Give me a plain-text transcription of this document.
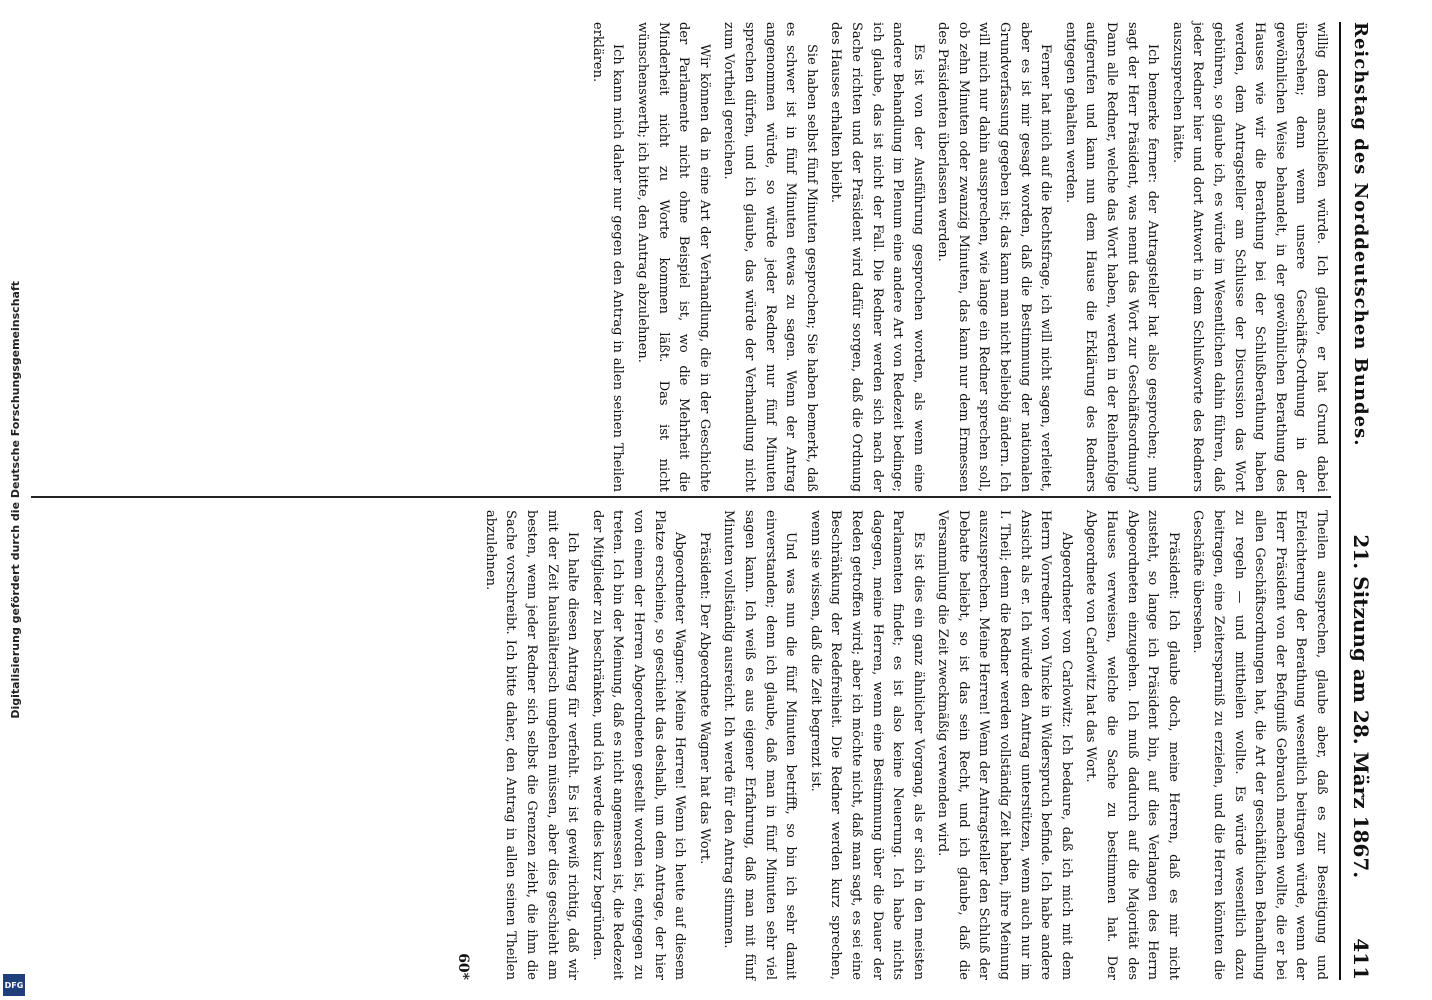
Digitalisierung gefördert durch die Deutsche Forschungsgemeinschaft
DFG
Reichstag des Norddeutschen Bundes.
21. Sitzung am 28. März 1867.
411

willig dem anschließen würde. Ich glaube, er hat Grund dabei übersehen; denn wenn unsere Geschäfts-Ordnung in der gewöhnlichen Weise behandelt, in der gewöhnlichen Berathung des Hauses wie wir die Berathung bei der Schlußberathung haben werden, dem Antragsteller am Schlusse der Discussion das Wort gebühren, so glaube ich, es würde im Wesentlichen dahin führen, daß jeder Redner hier und dort Antwort in dem Schlußworte des Redners auszusprechen hätte.

Ich bemerke ferner: der Antragsteller hat also gesprochen; nun sagt der Herr Präsident, was nennt das Wort zur Geschäftsordnung? Dann alle Redner, welche das Wort haben, werden in der Reihenfolge aufgerufen und kann nun dem Hause die Erklärung des Redners entgegen gehalten werden.

Ferner hat mich auf die Rechtsfrage, ich will nicht sagen, verleitet, aber es ist mir gesagt worden, daß die Bestimmung der nationalen Grundverfassung gegeben ist; das kann man nicht beliebig ändern. Ich will mich nur dahin aussprechen, wie lange ein Redner sprechen soll, ob zehn Minuten oder zwanzig Minuten, das kann nur dem Ermessen des Präsidenten überlassen werden.

Es ist von der Ausführung gesprochen worden, als wenn eine andere Behandlung im Plenum eine andere Art von Redezeit bedinge; ich glaube, das ist nicht der Fall. Die Redner werden sich nach der Sache richten und der Präsident wird dafür sorgen, daß die Ordnung des Hauses erhalten bleibt.

Sie haben selbst fünf Minuten gesprochen; Sie haben bemerkt, daß es schwer ist in fünf Minuten etwas zu sagen. Wenn der Antrag angenommen würde, so würde jeder Redner nur fünf Minuten sprechen dürfen, und ich glaube, das würde der Verhandlung nicht zum Vortheil gereichen.

Wir können da in eine Art der Verhandlung, die in der Geschichte der Parlamente nicht ohne Beispiel ist, wo die Mehrheit die Minderheit nicht zu Worte kommen läßt. Das ist nicht wünschenswerth; ich bitte, den Antrag abzulehnen.

Ich kann mich daher nur gegen den Antrag in allen seinen Theilen erklären.

Theilen aussprechen, glaube aber, daß es zur Beseitigung und Erleichterung der Berathung wesentlich beitragen würde, wenn der Herr Präsident von der Befugniß Gebrauch machen wollte, die er bei allen Geschäftsordnungen hat, die Art der geschäftlichen Behandlung zu regeln — und mittheilen wollte. Es würde wesentlich dazu beitragen, eine Zeitersparniß zu erzielen, und die Herren könnten die Geschäfte übersehen.

Präsident: Ich glaube doch, meine Herren, daß es mir nicht zusteht, so lange ich Präsident bin, auf dies Verlangen des Herrn Abgeordneten einzugehen. Ich muß dadurch auf die Majorität des Hauses verweisen, welche die Sache zu bestimmen hat. Der Abgeordnete von Carlowitz hat das Wort.

Abgeordneter von Carlowitz: Ich bedaure, daß ich mich mit dem Herrn Vorredner von Vincke in Widerspruch befinde. Ich habe andere Ansicht als er. Ich würde den Antrag unterstützen, wenn auch nur im I. Theil; denn die Redner werden vollständig Zeit haben, ihre Meinung auszusprechen. Meine Herren! Wenn der Antragsteller den Schluß der Debatte beliebt, so ist das sein Recht, und ich glaube, daß die Versammlung die Zeit zweckmäßig verwenden wird.

Es ist dies ein ganz ähnlicher Vorgang, als er sich in den meisten Parlamenten findet; es ist also keine Neuerung. Ich habe nichts dagegen, meine Herren, wenn eine Bestimmung über die Dauer der Reden getroffen wird; aber ich möchte nicht, daß man sagt, es sei eine Beschränkung der Redefreiheit. Die Redner werden kurz sprechen, wenn sie wissen, daß die Zeit begrenzt ist.

Und was nun die fünf Minuten betrifft, so bin ich sehr damit einverstanden; denn ich glaube, daß man in fünf Minuten sehr viel sagen kann. Ich weiß es aus eigener Erfahrung, daß man mit fünf Minuten vollständig ausreicht. Ich werde für den Antrag stimmen.

Präsident: Der Abgeordnete Wagner hat das Wort.

Abgeordneter Wagner: Meine Herren! Wenn ich heute auf diesem Platze erscheine, so geschieht das deshalb, um dem Antrage, der hier von einem der Herren Abgeordneten gestellt worden ist, entgegen zu treten. Ich bin der Meinung, daß es nicht angemessen ist, die Redezeit der Mitglieder zu beschränken, und ich werde dies kurz begründen.

Ich halte diesen Antrag für verfehlt. Es ist gewiß richtig, daß wir mit der Zeit haushälterisch umgehen müssen, aber dies geschieht am besten, wenn jeder Redner sich selbst die Grenzen zieht, die ihm die Sache vorschreibt. Ich bitte daher, den Antrag in allen seinen Theilen abzulehnen.

60*
